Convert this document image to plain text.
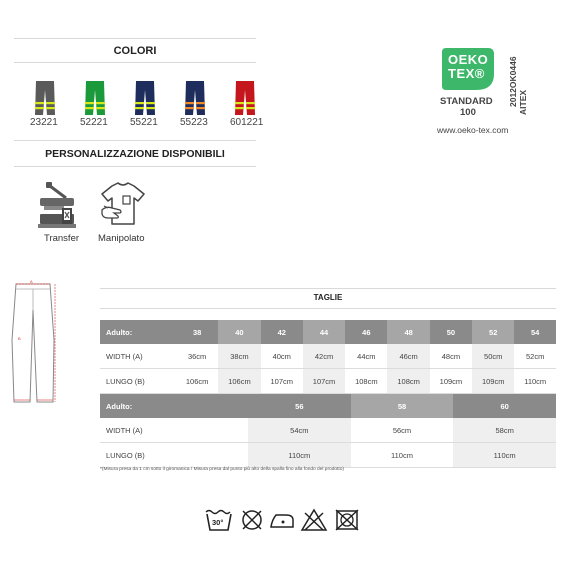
COLORI
PERSONALIZZAZIONE DISPONIBILI
Transfer Manipolato
OEKO
TEX®
STANDARD
100
2012OK0446 AITEX
www.oeko-tex.com
A
B
TAGLIE
Adulto:	38	40	42	44	46	48	50	52	54
WIDTH (A)	36cm	38cm	40cm	42cm	44cm	46cm	48cm	50cm	52cm
LUNGO (B)	106cm	106cm	107cm	107cm	108cm	108cm	109cm	109cm	110cm
Adulto:	56	58	60
WIDTH (A)	54cm	56cm	58cm
LUNGO (B)	110cm	110cm	110cm
*(Misura presa da 1 cm sotto il giromanica / Misura presa dal punto più alto della spalla fino alla fondo del prodotto)
30°
23221 52221 55221 55223 601221
